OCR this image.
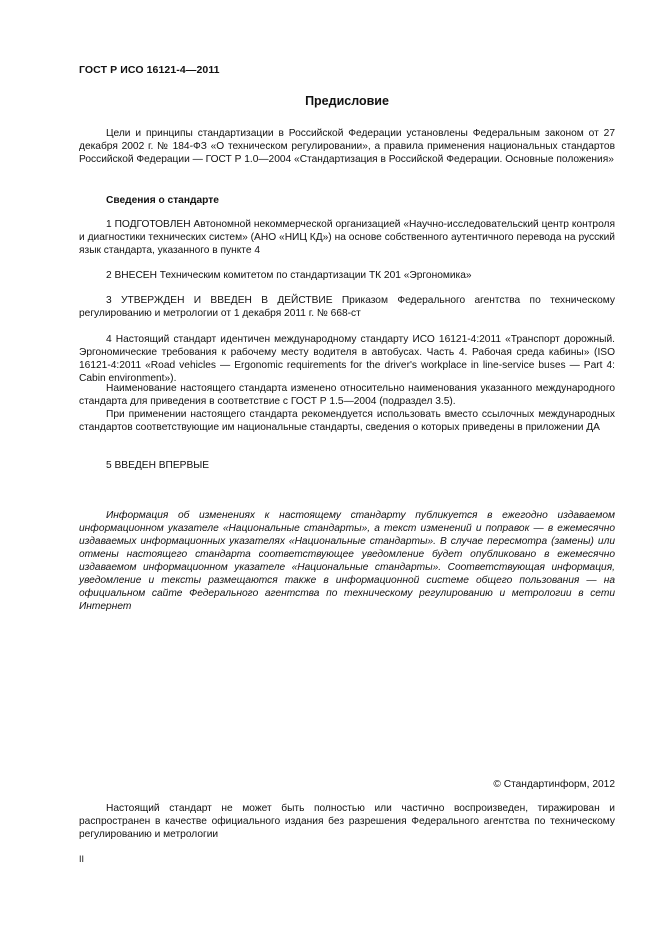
ГОСТ Р ИСО 16121-4—2011
Предисловие

Цели и принципы стандартизации в Российской Федерации установлены Федеральным законом от 27 декабря 2002 г. № 184-ФЗ «О техническом регулировании», а правила применения национальных стандартов Российской Федерации — ГОСТ Р 1.0—2004 «Стандартизация в Российской Федерации. Основные положения»

Сведения о стандарте

1 ПОДГОТОВЛЕН Автономной некоммерческой организацией «Научно-исследовательский центр контроля и диагностики технических систем» (АНО «НИЦ КД») на основе собственного аутентичного перевода на русский язык стандарта, указанного в пункте 4

2 ВНЕСЕН Техническим комитетом по стандартизации ТК 201 «Эргономика»

3 УТВЕРЖДЕН И ВВЕДЕН В ДЕЙСТВИЕ Приказом Федерального агентства по техническому регулированию и метрологии от 1 декабря 2011 г. № 668-ст

4 Настоящий стандарт идентичен международному стандарту ИСО 16121-4:2011 «Транспорт дорожный. Эргономические требования к рабочему месту водителя в автобусах. Часть 4. Рабочая среда кабины» (ISO 16121-4:2011 «Road vehicles — Ergonomic requirements for the driver's workplace in line-service buses — Part 4: Cabin environment»).

Наименование настоящего стандарта изменено относительно наименования указанного международного стандарта для приведения в соответствие с ГОСТ Р 1.5—2004 (подраздел 3.5).

При применении настоящего стандарта рекомендуется использовать вместо ссылочных международных стандартов соответствующие им национальные стандарты, сведения о которых приведены в приложении ДА

5 ВВЕДЕН ВПЕРВЫЕ

Информация об изменениях к настоящему стандарту публикуется в ежегодно издаваемом информационном указателе «Национальные стандарты», а текст изменений и поправок — в ежемесячно издаваемых информационных указателях «Национальные стандарты». В случае пересмотра (замены) или отмены настоящего стандарта соответствующее уведомление будет опубликовано в ежемесячно издаваемом информационном указателе «Национальные стандарты». Соответствующая информация, уведомление и тексты размещаются также в информационной системе общего пользования — на официальном сайте Федерального агентства по техническому регулированию и метрологии в сети Интернет

© Стандартинформ, 2012

Настоящий стандарт не может быть полностью или частично воспроизведен, тиражирован и распространен в качестве официального издания без разрешения Федерального агентства по техническому регулированию и метрологии

II
